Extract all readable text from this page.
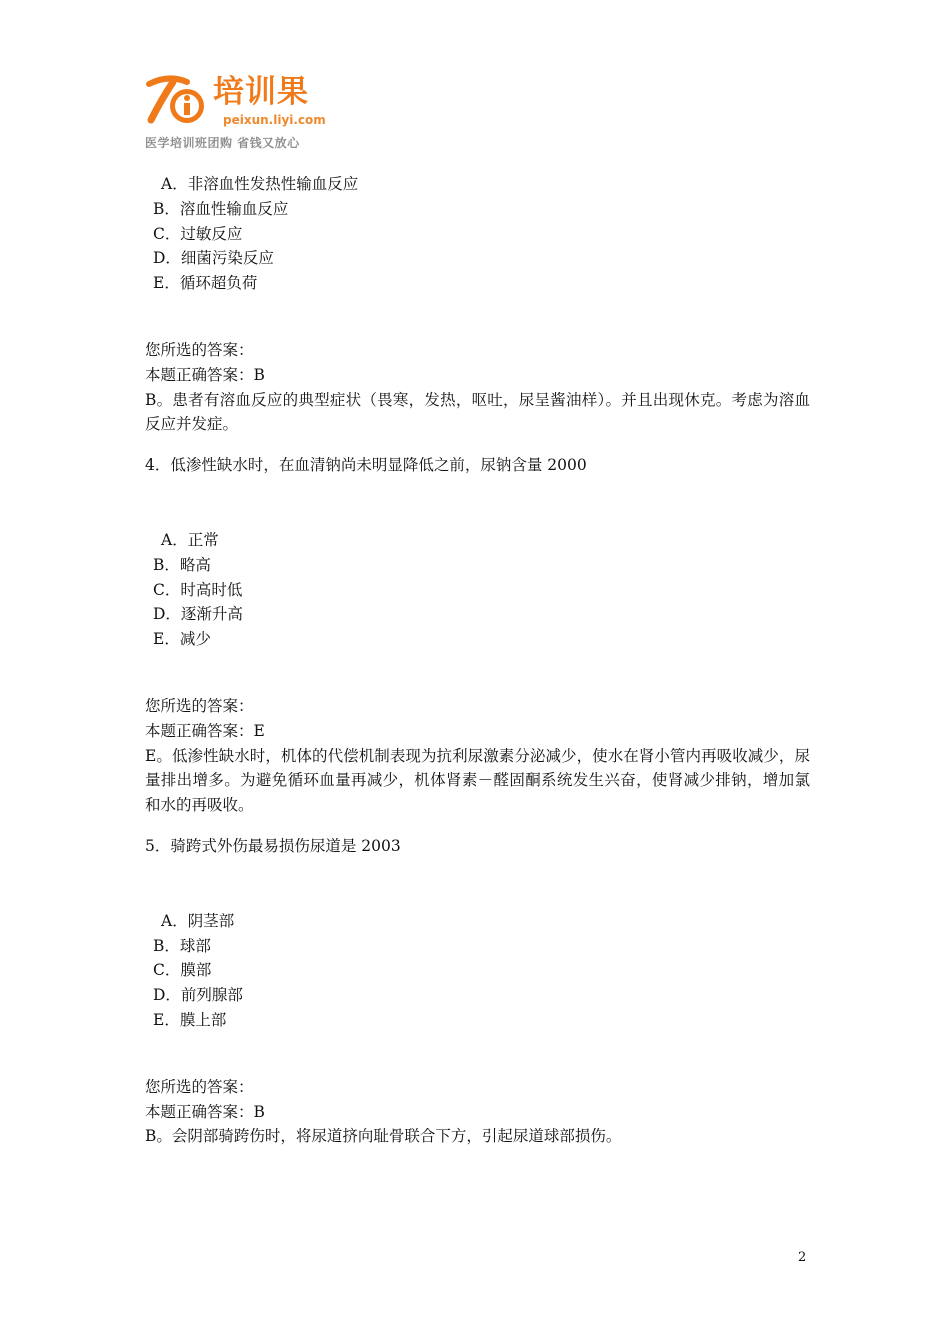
培训果
peixun.liyi.com
医学培训班团购 省钱又放心
A．非溶血性发热性输血反应
B．溶血性输血反应
C．过敏反应
D．细菌污染反应
E．循环超负荷

您所选的答案：

本题正确答案：B

B。患者有溶血反应的典型症状（畏寒，发热，呕吐，尿呈酱油样）。并且出现休克。考虑为溶血反应并发症。

4．低渗性缺水时，在血清钠尚未明显降低之前，尿钠含量 2000

A．正常
B．略高
C．时高时低
D．逐渐升高
E．减少

您所选的答案：

本题正确答案：E

E。低渗性缺水时，机体的代偿机制表现为抗利尿激素分泌减少，使水在肾小管内再吸收减少，尿量排出增多。为避免循环血量再减少，机体肾素－醛固酮系统发生兴奋，使肾减少排钠，增加氯和水的再吸收。

5．骑跨式外伤最易损伤尿道是 2003

A．阴茎部
B．球部
C．膜部
D．前列腺部
E．膜上部

您所选的答案：

本题正确答案：B

B。会阴部骑跨伤时，将尿道挤向耻骨联合下方，引起尿道球部损伤。

2
